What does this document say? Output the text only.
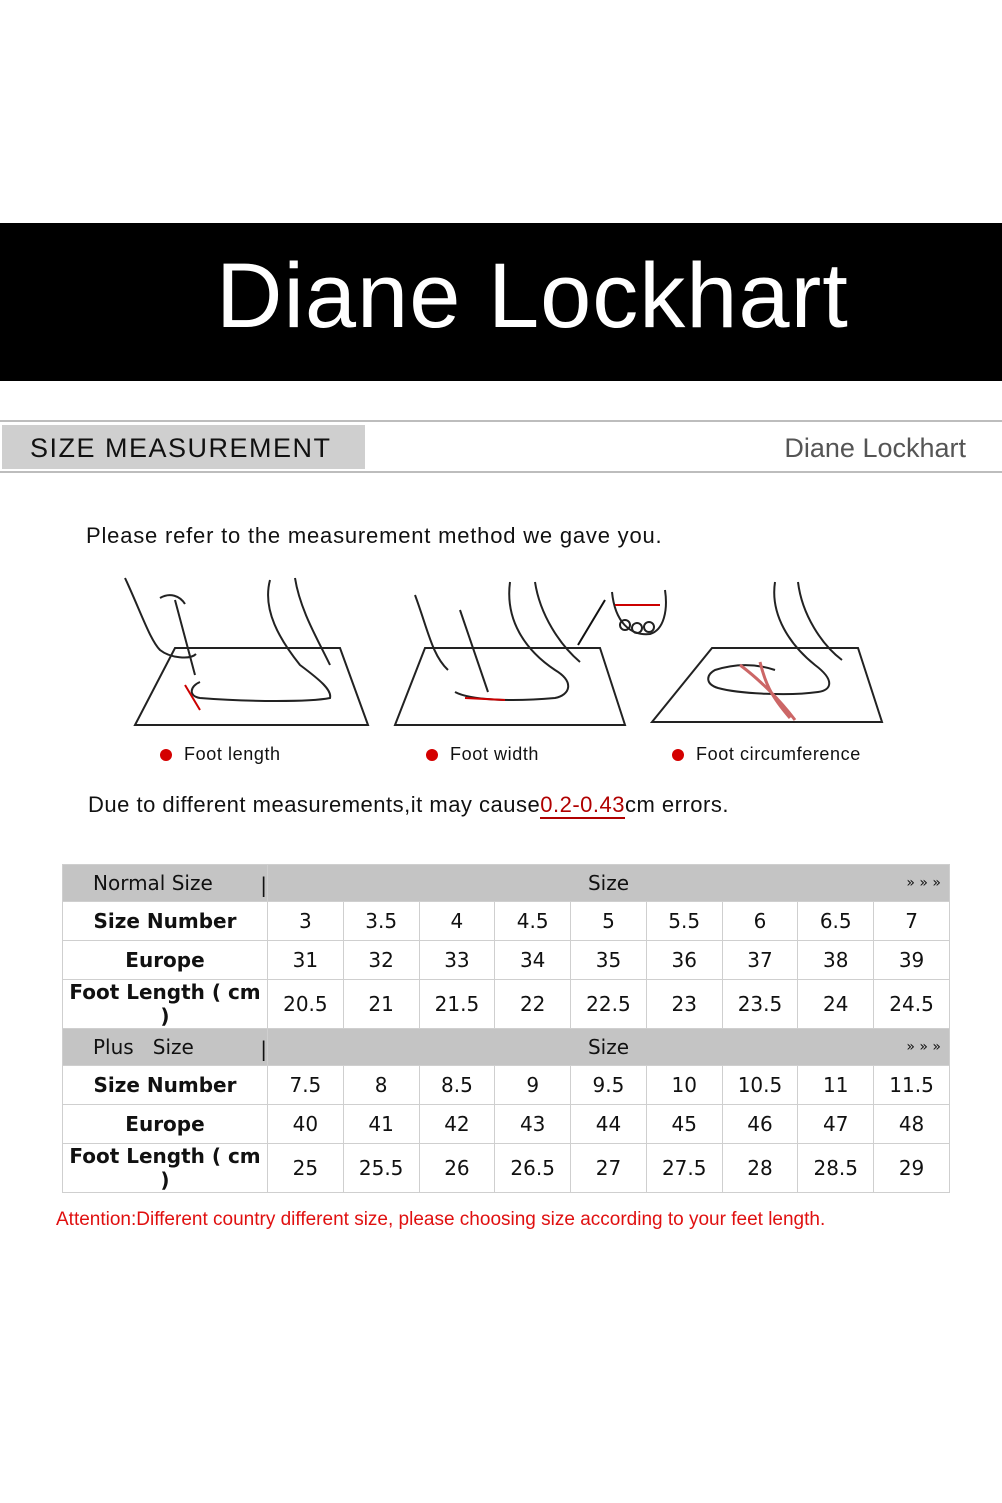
Diane Lockhart
SIZE MEASUREMENT	Diane Lockhart
Please refer to the measurement method we gave you.
Foot length	Foot width	Foot circumference
Due to different measurements,it may cause0.2-0.43cm errors.
Normal Size |	Size » » »								

Size Number	3	3.5	4	4.5	5	5.5	6	6.5	7
Europe	31	32	33	34	35	36	37	38	39
Foot Length ( cm )	20.5	21	21.5	22	22.5	23	23.5	24	24.5
Plus   Size |	Size » » »								

Size Number	7.5	8	8.5	9	9.5	10	10.5	11	11.5
Europe	40	41	42	43	44	45	46	47	48
Foot Length ( cm )	25	25.5	26	26.5	27	27.5	28	28.5	29
Attention:Different country different size, please choosing size according to your feet length.
